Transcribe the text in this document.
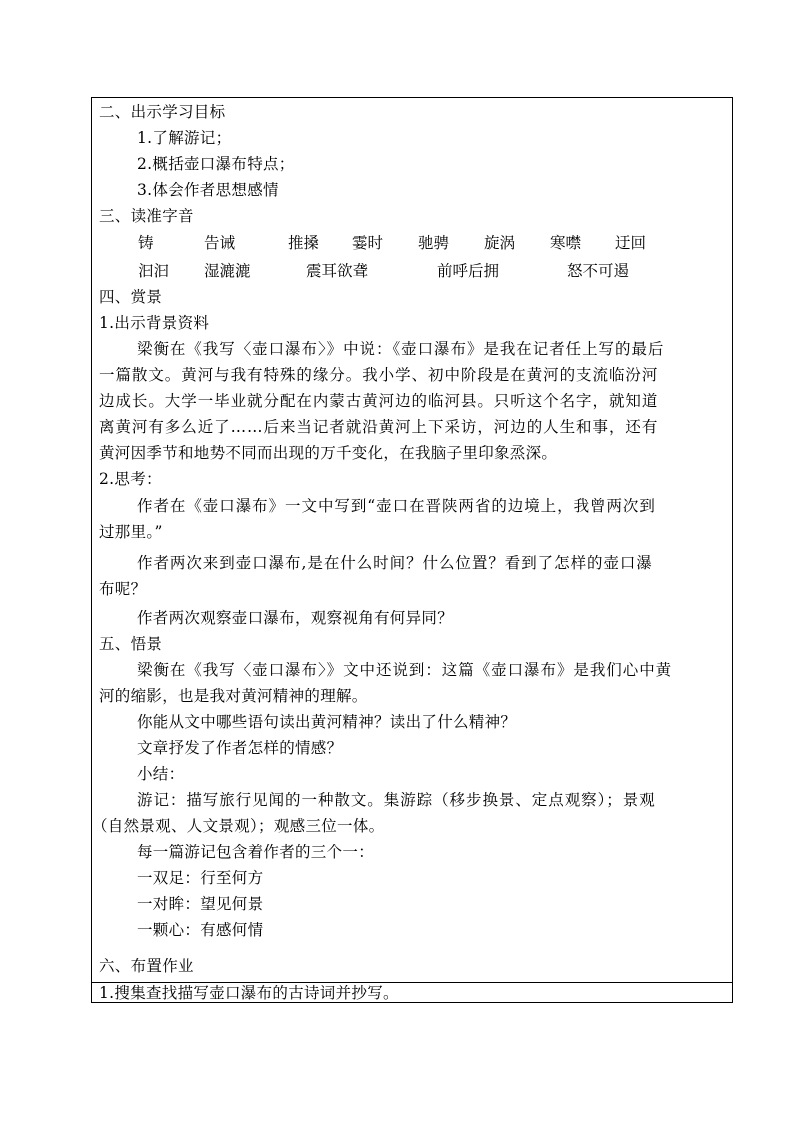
二、出示学习目标
1.了解游记；
2.概括壶口瀑布特点；
3.体会作者思想感情
三、读准字音
铸	告诫	推搡 霎时 驰骋 旋涡 寒噤 迂回
汩汩 湿漉漉	震耳欲聋	前呼后拥	怒不可遏
四、赏景
1.出示背景资料
梁衡在《我写〈壶口瀑布〉》中说：《壶口瀑布》是我在记者任上写的最后
一篇散文。黄河与我有特殊的缘分。我小学、初中阶段是在黄河的支流临汾河
边成长。大学一毕业就分配在内蒙古黄河边的临河县。只听这个名字，就知道
离黄河有多么近了……后来当记者就沿黄河上下采访，河边的人生和事，还有
黄河因季节和地势不同而出现的万千变化，在我脑子里印象烝深。
2.思考：
作者在《壶口瀑布》一文中写到“壶口在晋陕两省的边境上，我曾两次到
过那里。”
作者两次来到壶口瀑布,是在什么时间？什么位置？看到了怎样的壶口瀑
布呢？
作者两次观察壶口瀑布，观察视角有何异同？
五、悟景
梁衡在《我写〈壶口瀑布〉》文中还说到：这篇《壶口瀑布》是我们心中黄
河的缩影，也是我对黄河精神的理解。
你能从文中哪些语句读出黄河精神？读出了什么精神？
文章抒发了作者怎样的情感？
小结：
游记：描写旅行见闻的一种散文。集游踪（移步换景、定点观察）；景观
（自然景观、人文景观）；观感三位一体。
每一篇游记包含着作者的三个一：
一双足：行至何方
一对眸：望见何景
一颗心：有感何情
六、布置作业
1.搜集查找描写壶口瀑布的古诗词并抄写。
